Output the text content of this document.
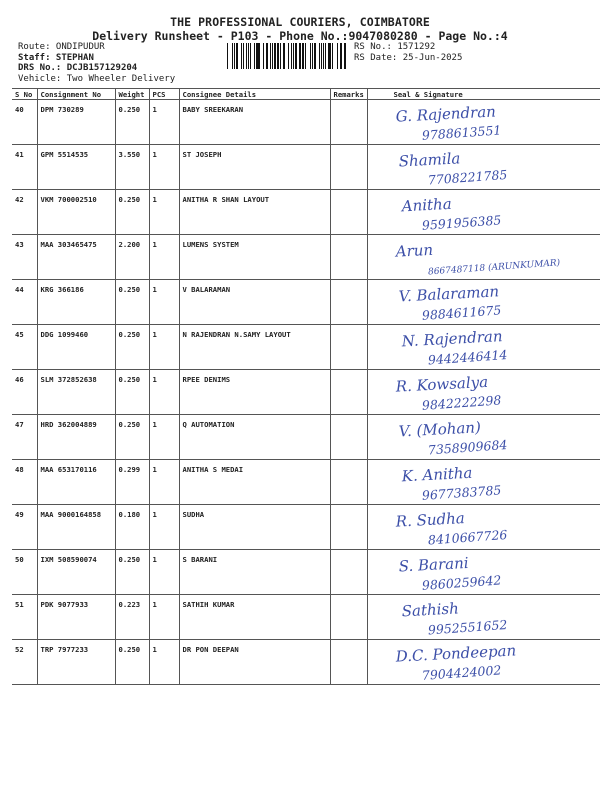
THE PROFESSIONAL COURIERS, COIMBATORE
Delivery Runsheet - P103 - Phone No.:9047080280 - Page No.:4
Route: ONDIPUDUR
Staff: STEPHAN
DRS No.: DCJB157129204
Vehicle: Two Wheeler Delivery
RS No.: 1571292
RS Date: 25-Jun-2025
S No	Consignment No	Weight	PCS	Consignee Details	Remarks	Seal & Signature
40	DPM 730289	0.250	1	BABY SREEKARAN		G. Rajendran
9788613551

41	GPM 5514535	3.550	1	ST JOSEPH		Shamila
7708221785

42	VKM 700002510	0.250	1	ANITHA R SHAN LAYOUT		Anitha
9591956385

43	MAA 303465475	2.200	1	LUMENS SYSTEM		Arun
8667487118 (ARUNKUMAR)

44	KRG 366186	0.250	1	V BALARAMAN		V. Balaraman
9884611675

45	DDG 1099460	0.250	1	N RAJENDRAN N.SAMY LAYOUT		N. Rajendran
9442446414

46	SLM 372852638	0.250	1	RPEE DENIMS		R. Kowsalya
9842222298

47	HRD 362004889	0.250	1	Q AUTOMATION		V. (Mohan)
7358909684

48	MAA 653170116	0.299	1	ANITHA S MEDAI		K. Anitha
9677383785

49	MAA 9000164858	0.180	1	SUDHA		R. Sudha
8410667726

50	IXM 508590074	0.250	1	S BARANI		S. Barani
9860259642

51	PDK 9077933	0.223	1	SATHIH KUMAR		Sathish
9952551652

52	TRP 7977233	0.250	1	DR PON DEEPAN		D.C. Pondeepan
7904424002
